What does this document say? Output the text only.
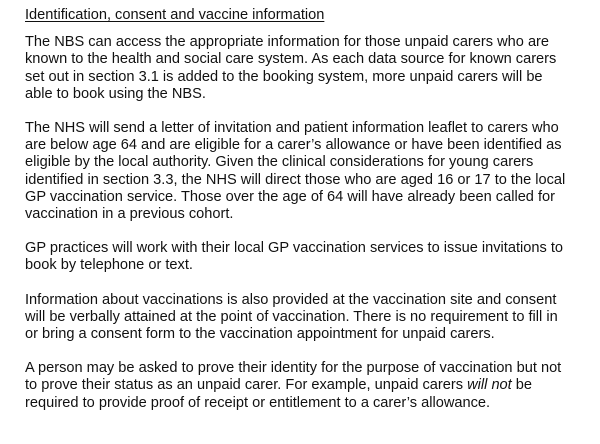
Identification, consent and vaccine information

The NBS can access the appropriate information for those unpaid carers who are
known to the health and social care system. As each data source for known carers
set out in section 3.1 is added to the booking system, more unpaid carers will be
able to book using the NBS.

The NHS will send a letter of invitation and patient information leaflet to carers who
are below age 64 and are eligible for a carer’s allowance or have been identified as
eligible by the local authority. Given the clinical considerations for young carers
identified in section 3.3, the NHS will direct those who are aged 16 or 17 to the local
GP vaccination service. Those over the age of 64 will have already been called for
vaccination in a previous cohort.

GP practices will work with their local GP vaccination services to issue invitations to
book by telephone or text.

Information about vaccinations is also provided at the vaccination site and consent
will be verbally attained at the point of vaccination. There is no requirement to fill in
or bring a consent form to the vaccination appointment for unpaid carers.

A person may be asked to prove their identity for the purpose of vaccination but not
to prove their status as an unpaid carer. For example, unpaid carers will not be
required to provide proof of receipt or entitlement to a carer’s allowance.
